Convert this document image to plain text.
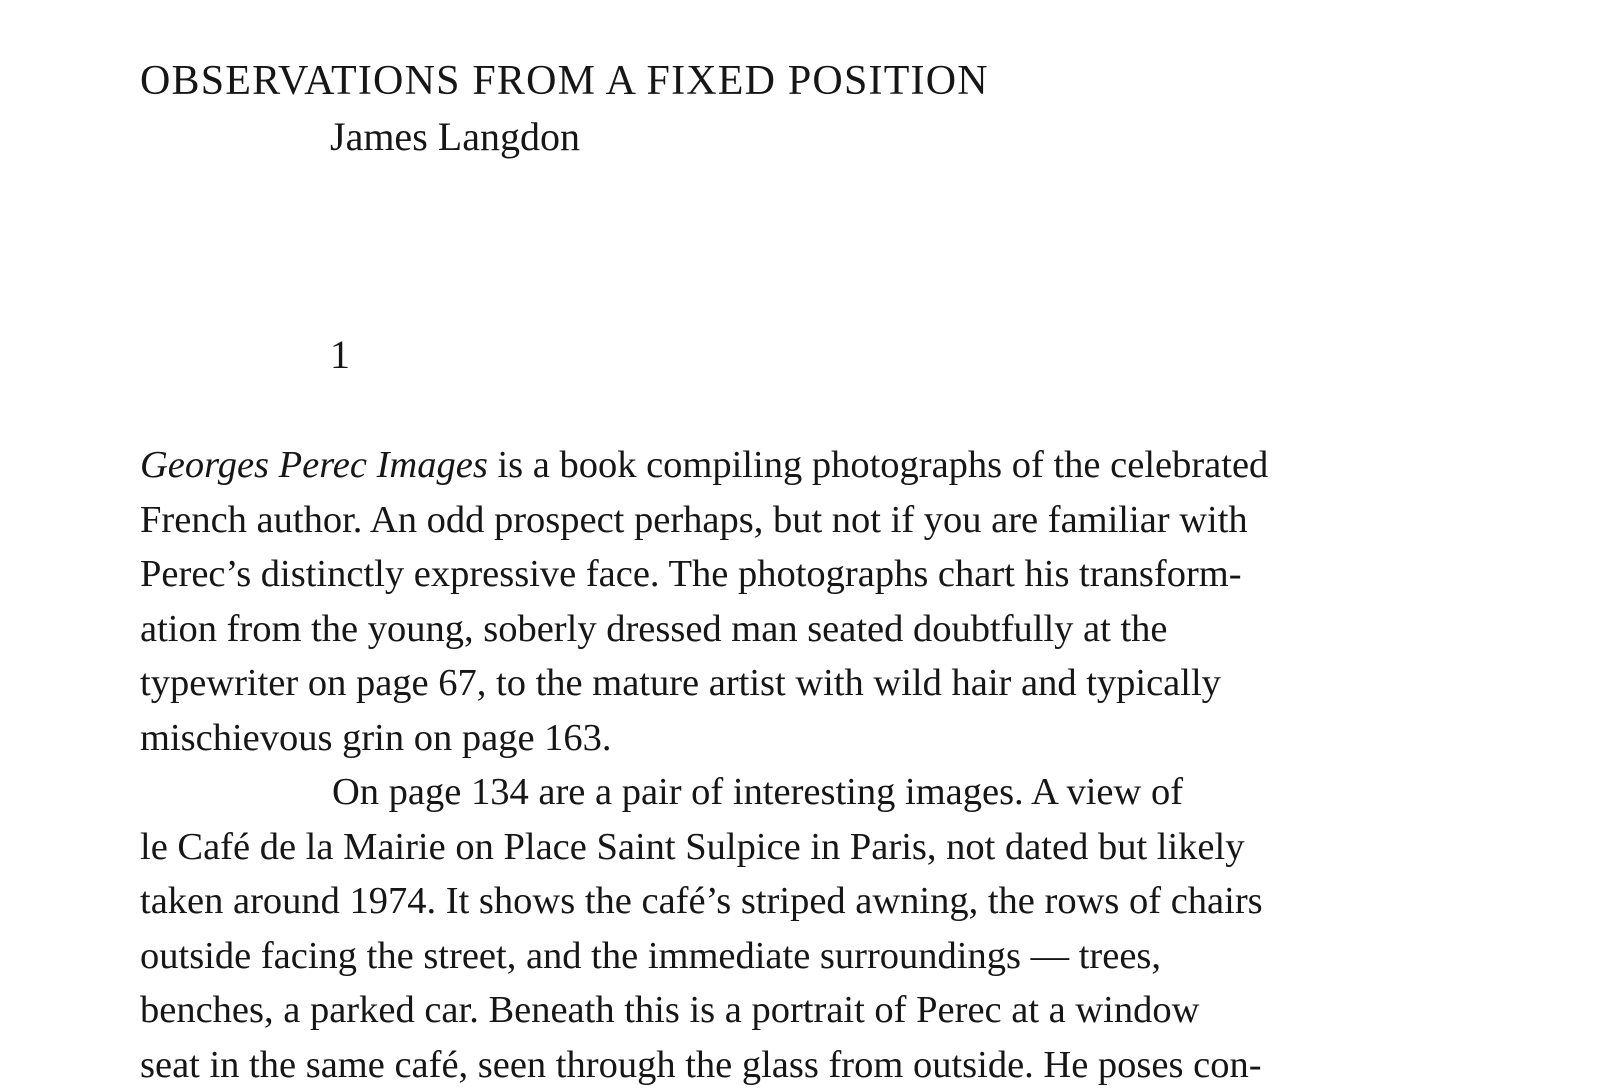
OBSERVATIONS FROM A FIXED POSITION
James Langdon
1
Georges Perec Images is a book compiling photographs of the celebrated
French author. An odd prospect perhaps, but not if you are familiar with
Perec’s distinctly expressive face. The photographs chart his transform-
ation from the young, soberly dressed man seated doubtfully at the
typewriter on page 67, to the mature artist with wild hair and typically
mischievous grin on page 163.
On page 134 are a pair of interesting images. A view of
le Café de la Mairie on Place Saint Sulpice in Paris, not dated but likely
taken around 1974. It shows the café’s striped awning, the rows of chairs
outside facing the street, and the immediate surroundings — trees,
benches, a parked car. Beneath this is a portrait of Perec at a window
seat in the same café, seen through the glass from outside. He poses con-
